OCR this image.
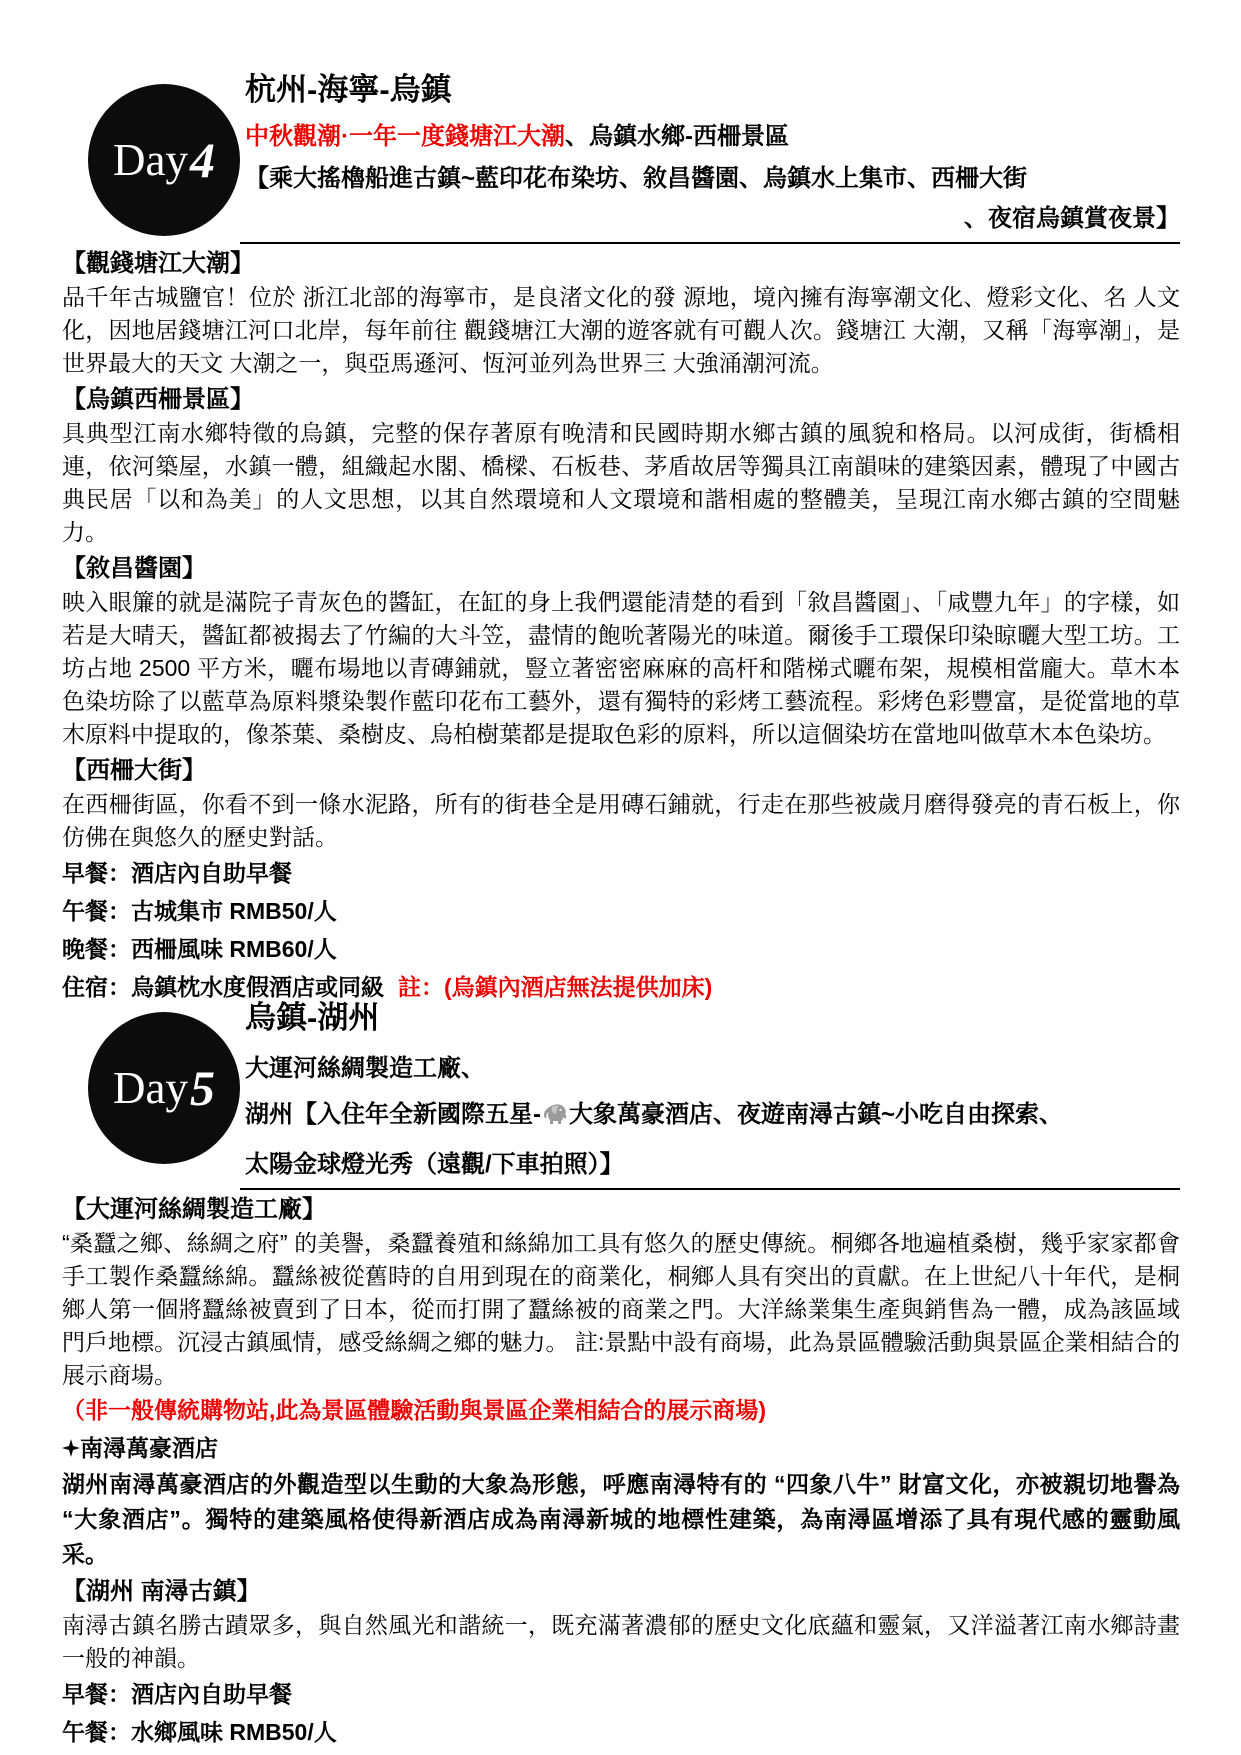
Day 4
杭州-海寧-烏鎮
中秋觀潮·一年一度錢塘江大潮、烏鎮水鄉-西柵景區
【乘大搖櫓船進古鎮~藍印花布染坊、敘昌醬園、烏鎮水上集市、西柵大街
、夜宿烏鎮賞夜景】
【觀錢塘江大潮】
品千年古城鹽官！位於 浙江北部的海寧市，是良渚文化的發 源地，境內擁有海寧潮文化、燈彩文化、名 人文化，因地居錢塘江河口北岸，每年前往 觀錢塘江大潮的遊客就有可觀人次。錢塘江 大潮，又稱「海寧潮」，是世界最大的天文 大潮之一，與亞馬遜河、恆河並列為世界三 大強涌潮河流。
【烏鎮西柵景區】
具典型江南水鄉特徵的烏鎮，完整的保存著原有晚清和民國時期水鄉古鎮的風貌和格局。以河成街，街橋相連，依河築屋，水鎮一體，組織起水閣、橋樑、石板巷、茅盾故居等獨具江南韻味的建築因素，體現了中國古典民居「以和為美」的人文思想，以其自然環境和人文環境和諧相處的整體美，呈現江南水鄉古鎮的空間魅力。
【敘昌醬園】
映入眼簾的就是滿院子青灰色的醬缸，在缸的身上我們還能清楚的看到「敘昌醬園」、「咸豐九年」的字樣，如若是大晴天，醬缸都被揭去了竹編的大斗笠，盡情的飽吮著陽光的味道。爾後手工環保印染晾曬大型工坊。工坊占地 2500 平方米，曬布場地以青磚鋪就，豎立著密密麻麻的高杆和階梯式曬布架，規模相當龐大。草木本色染坊除了以藍草為原料漿染製作藍印花布工藝外，還有獨特的彩烤工藝流程。彩烤色彩豐富，是從當地的草木原料中提取的，像茶葉、桑樹皮、烏柏樹葉都是提取色彩的原料，所以這個染坊在當地叫做草木本色染坊。
【西柵大街】
在西柵街區，你看不到一條水泥路，所有的街巷全是用磚石鋪就，行走在那些被歲月磨得發亮的青石板上，你仿佛在與悠久的歷史對話。
早餐：酒店內自助早餐
午餐：古城集市 RMB50/人
晚餐：西柵風味 RMB60/人
住宿：烏鎮枕水度假酒店或同級 註：(烏鎮內酒店無法提供加床)
Day 5
烏鎮-湖州
大運河絲綢製造工廠、
湖州【入住年全新國際五星- 大象萬豪酒店、夜遊南潯古鎮~小吃自由探索、
太陽金球燈光秀（遠觀/下車拍照）】
【大運河絲綢製造工廠】
“桑蠶之鄉、絲綢之府” 的美譽，桑蠶養殖和絲綿加工具有悠久的歷史傳統。桐鄉各地遍植桑樹，幾乎家家都會手工製作桑蠶絲綿。蠶絲被從舊時的自用到現在的商業化，桐鄉人具有突出的貢獻。在上世紀八十年代，是桐鄉人第一個將蠶絲被賣到了日本，從而打開了蠶絲被的商業之門。大洋絲業集生產與銷售為一體，成為該區域門戶地標。沉浸古鎮風情，感受絲綢之鄉的魅力。 註:景點中設有商場，此為景區體驗活動與景區企業相結合的展示商場。
（非一般傳統購物站,此為景區體驗活動與景區企業相結合的展示商場)
南潯萬豪酒店
湖州南潯萬豪酒店的外觀造型以生動的大象為形態，呼應南潯特有的 “四象八牛” 財富文化，亦被親切地譽為 “大象酒店”。獨特的建築風格使得新酒店成為南潯新城的地標性建築，為南潯區增添了具有現代感的靈動風采。
【湖州 南潯古鎮】
南潯古鎮名勝古蹟眾多，與自然風光和諧統一，既充滿著濃郁的歷史文化底蘊和靈氣，又洋溢著江南水鄉詩畫一般的神韻。
早餐：酒店內自助早餐
午餐：水鄉風味 RMB50/人
